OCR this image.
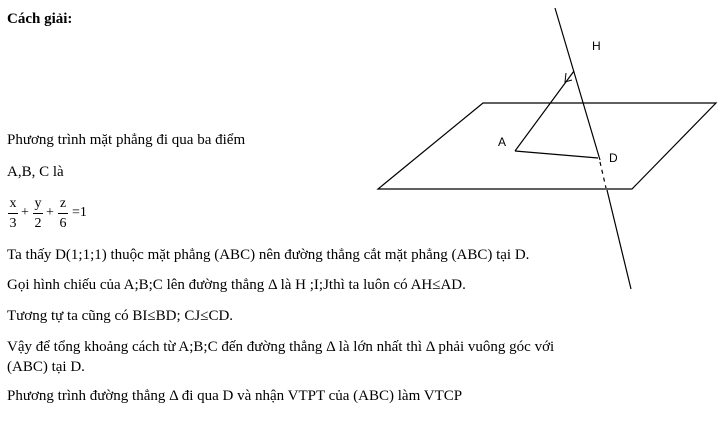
Cách giải:
H
A
D
Phương trình mặt phẳng đi qua ba điểm
A,B, C là
x
3
+
y
2
+
z
6
=1
Ta thấy D(1;1;1) thuộc mặt phẳng (ABC) nên đường thẳng cắt mặt phẳng (ABC) tại D.
Gọi hình chiếu của A;B;C lên đường thẳng Δ là H ;I;Jthì ta luôn có AH≤AD.
Tương tự ta cũng có BI≤BD; CJ≤CD.
Vậy để tổng khoảng cách từ A;B;C đến đường thẳng Δ là lớn nhất thì Δ phải vuông góc với
(ABC) tại D.
Phương trình đường thẳng Δ đi qua D và nhận VTPT của (ABC) làm VTCP
